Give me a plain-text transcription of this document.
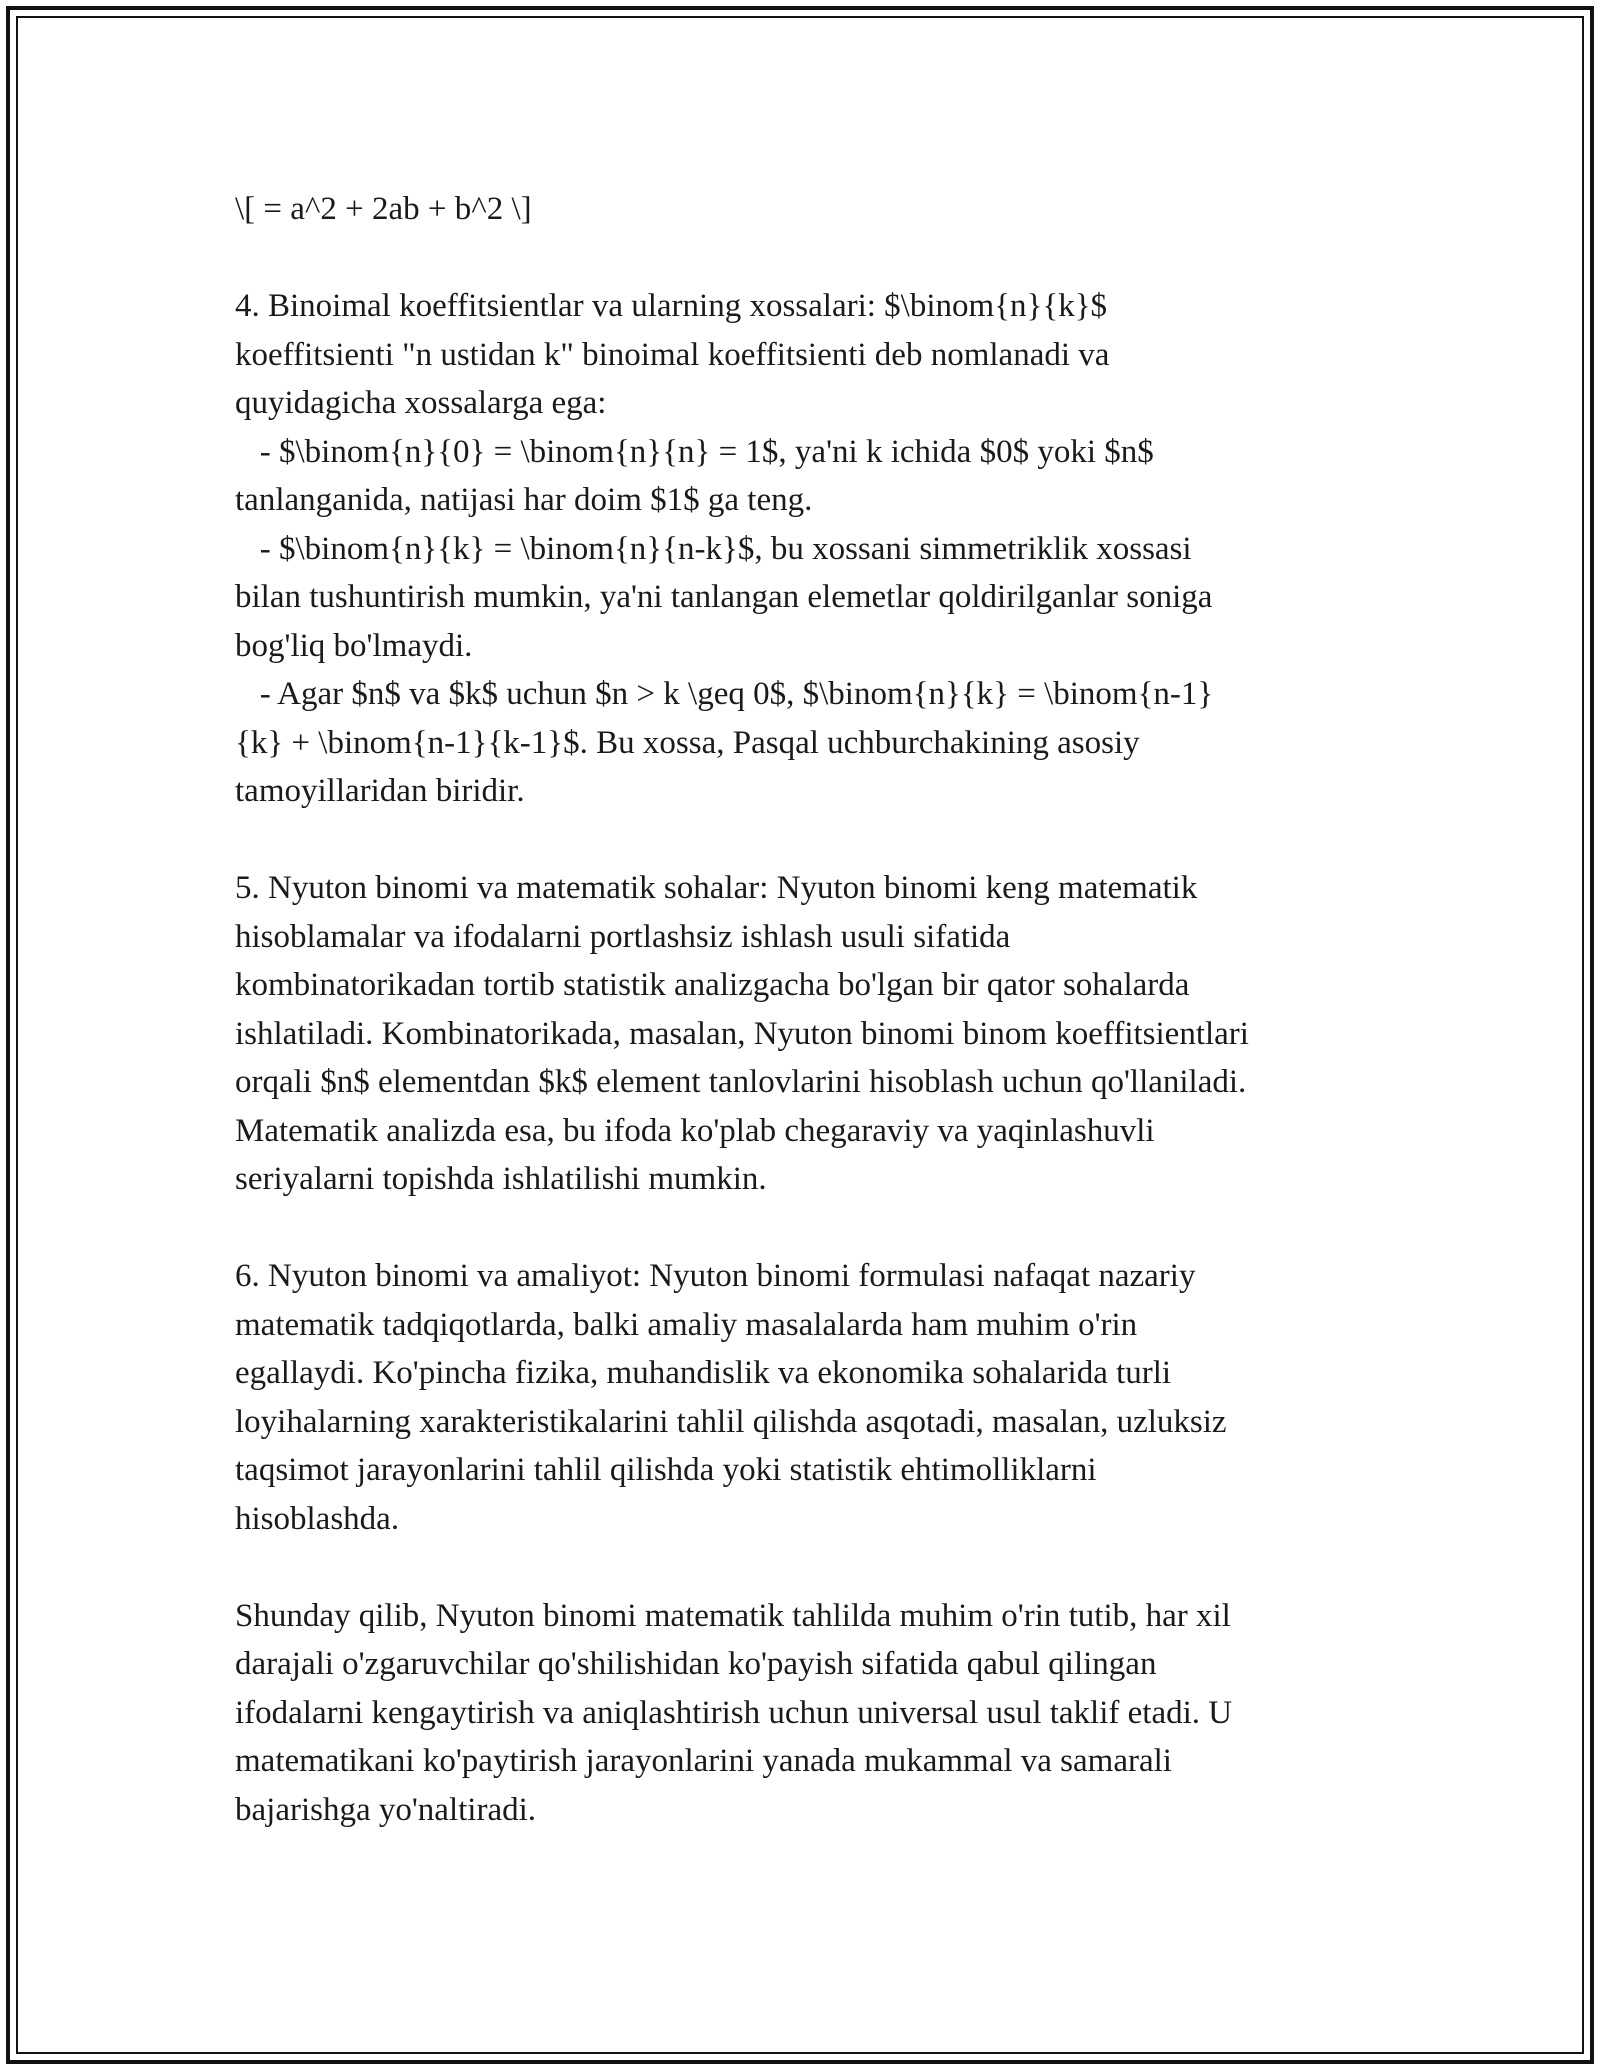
\[ = a^2 + 2ab + b^2 \]
4. Binoimal koeffitsientlar va ularning xossalari: $\binom{n}{k}$
koeffitsienti "n ustidan k" binoimal koeffitsienti deb nomlanadi va
quyidagicha xossalarga ega:
- $\binom{n}{0} = \binom{n}{n} = 1$, ya'ni k ichida $0$ yoki $n$
tanlanganida, natijasi har doim $1$ ga teng.
- $\binom{n}{k} = \binom{n}{n-k}$, bu xossani simmetriklik xossasi
bilan tushuntirish mumkin, ya'ni tanlangan elemetlar qoldirilganlar soniga
bog'liq bo'lmaydi.
- Agar $n$ va $k$ uchun $n > k \geq 0$, $\binom{n}{k} = \binom{n-1}
{k} + \binom{n-1}{k-1}$. Bu xossa, Pasqal uchburchakining asosiy
tamoyillaridan biridir.
5. Nyuton binomi va matematik sohalar: Nyuton binomi keng matematik
hisoblamalar va ifodalarni portlashsiz ishlash usuli sifatida
kombinatorikadan tortib statistik analizgacha bo'lgan bir qator sohalarda
ishlatiladi. Kombinatorikada, masalan, Nyuton binomi binom koeffitsientlari
orqali $n$ elementdan $k$ element tanlovlarini hisoblash uchun qo'llaniladi.
Matematik analizda esa, bu ifoda ko'plab chegaraviy va yaqinlashuvli
seriyalarni topishda ishlatilishi mumkin.
6. Nyuton binomi va amaliyot: Nyuton binomi formulasi nafaqat nazariy
matematik tadqiqotlarda, balki amaliy masalalarda ham muhim o'rin
egallaydi. Ko'pincha fizika, muhandislik va ekonomika sohalarida turli
loyihalarning xarakteristikalarini tahlil qilishda asqotadi, masalan, uzluksiz
taqsimot jarayonlarini tahlil qilishda yoki statistik ehtimolliklarni
hisoblashda.
Shunday qilib, Nyuton binomi matematik tahlilda muhim o'rin tutib, har xil
darajali o'zgaruvchilar qo'shilishidan ko'payish sifatida qabul qilingan
ifodalarni kengaytirish va aniqlashtirish uchun universal usul taklif etadi. U
matematikani ko'paytirish jarayonlarini yanada mukammal va samarali
bajarishga yo'naltiradi.
